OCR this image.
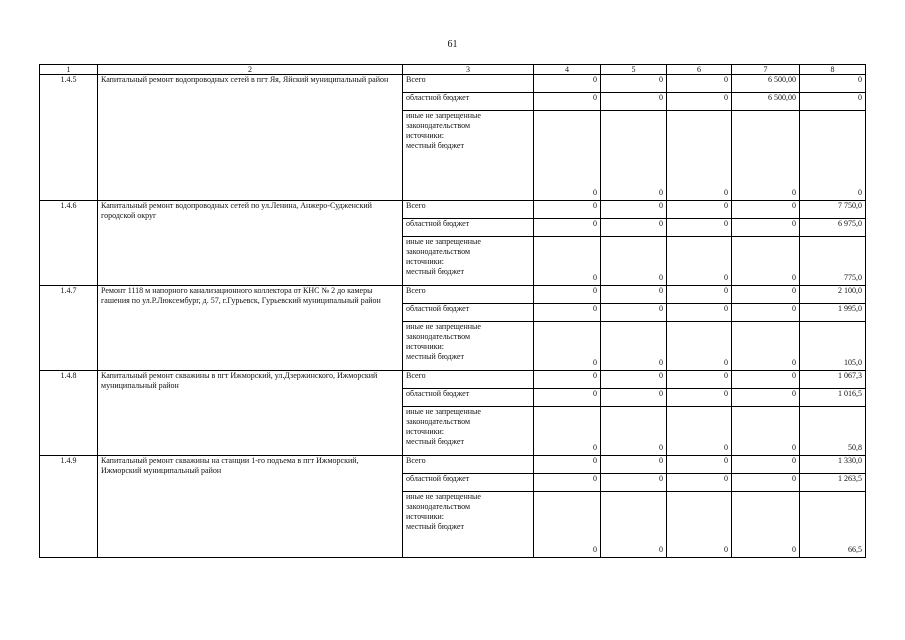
61
1	2	3	4	5	6	7	8
1.4.5	Капитальный ремонт водопроводных сетей в пгт Яя, Яйский муниципальный район	Всего	0	0	0	6 500,00	0
		областной бюджет	0	0	0	6 500,00	0

		иные не запрещенные
законодательством
источники:
местный бюджет	0	0	0	0	0
1.4.6	Капитальный ремонт водопроводных сетей по ул.Ленина, Анжеро-Судженский городской округ	Всего	0	0	0	0	7 750,0
		областной бюджет	0	0	0	0	6 975,0

		иные не запрещенные
законодательством
источники:
местный бюджет	0	0	0	0	775,0
1.4.7	Ремонт 1118 м напорного канализационного коллектора от КНС № 2 до камеры гашения по ул.Р.Люксембург, д. 57, г.Гурьевск, Гурьевский муниципальный район	Всего	0	0	0	0	2 100,0
		областной бюджет	0	0	0	0	1 995,0

		иные не запрещенные
законодательством
источники:
местный бюджет	0	0	0	0	105,0
1.4.8	Капитальный ремонт скважины в пгт Ижморский, ул.Дзержинского, Ижморский муниципальный район	Всего	0	0	0	0	1 067,3
		областной бюджет	0	0	0	0	1 016,5

		иные не запрещенные
законодательством
источники:
местный бюджет	0	0	0	0	50,8
1.4.9	Капитальный ремонт скважины на станции 1-го подъема в пгт Ижморский, Ижморский муниципальный район	Всего	0	0	0	0	1 330,0
		областной бюджет	0	0	0	0	1 263,5

		иные не запрещенные
законодательством
источники:
местный бюджет	0	0	0	0	66,5
